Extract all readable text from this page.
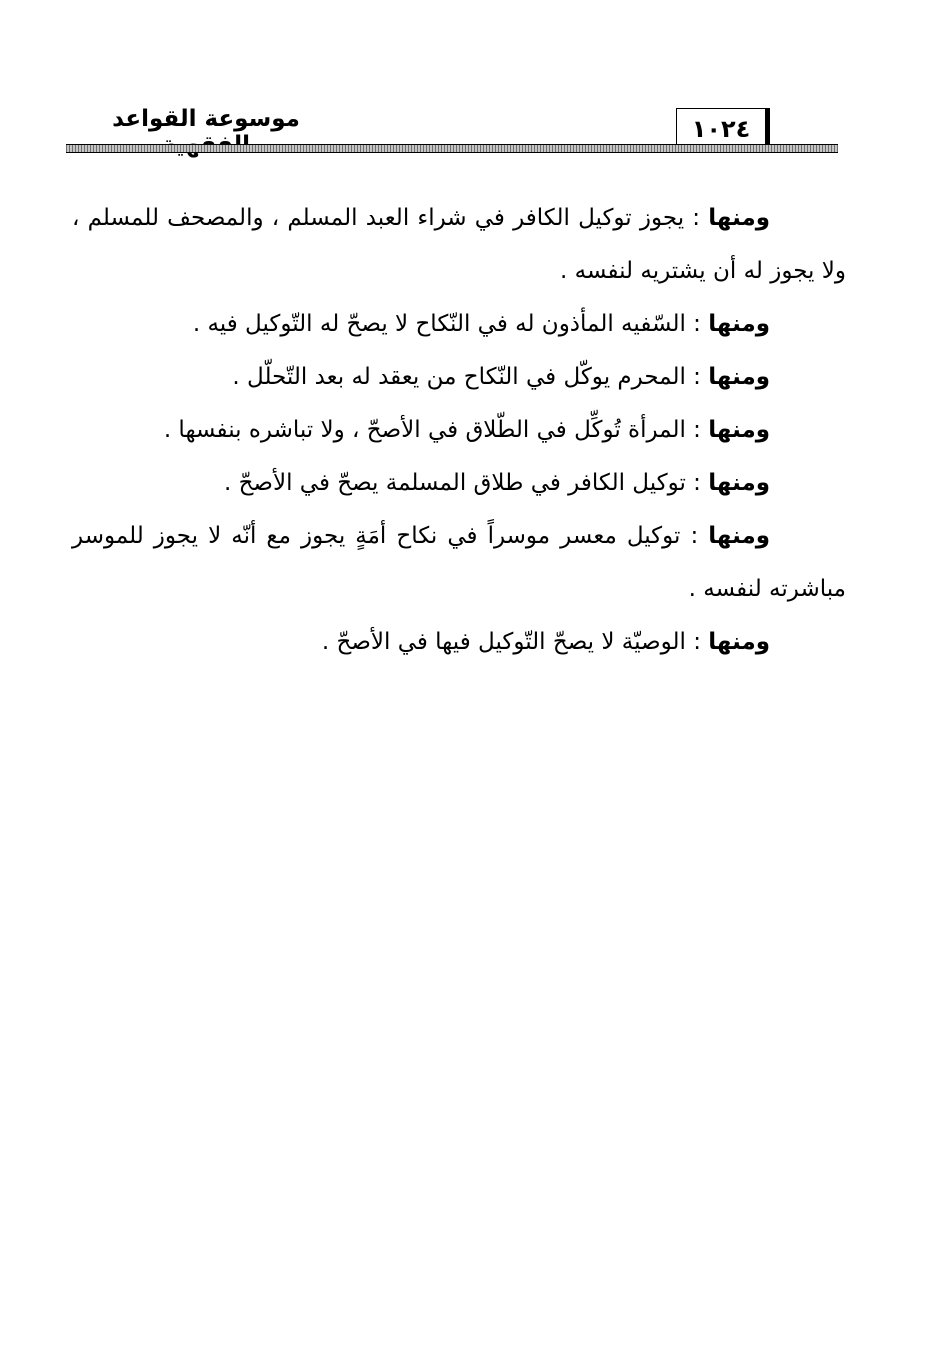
١٠٢٤
موسوعة القواعد

ومنها : يجوز توكيل الكافر في شراء العبد المسلم ، والمصحف للمسلم ، ولا يجوز له أن يشتريه لنفسه .

ومنها : السّفيه المأذون له في النّكاح لا يصحّ له التّوكيل فيه .

ومنها : المحرم يوكّل في النّكاح من يعقد له بعد التّحلّل .

ومنها : المرأة تُوكِّل في الطّلاق في الأصحّ ، ولا تباشره بنفسها .

ومنها : توكيل الكافر في طلاق المسلمة يصحّ في الأصحّ .

ومنها : توكيل معسر موسراً في نكاح أمَةٍ يجوز مع أنّه لا يجوز للموسر مباشرته لنفسه .

ومنها : الوصيّة لا يصحّ التّوكيل فيها في الأصحّ .
